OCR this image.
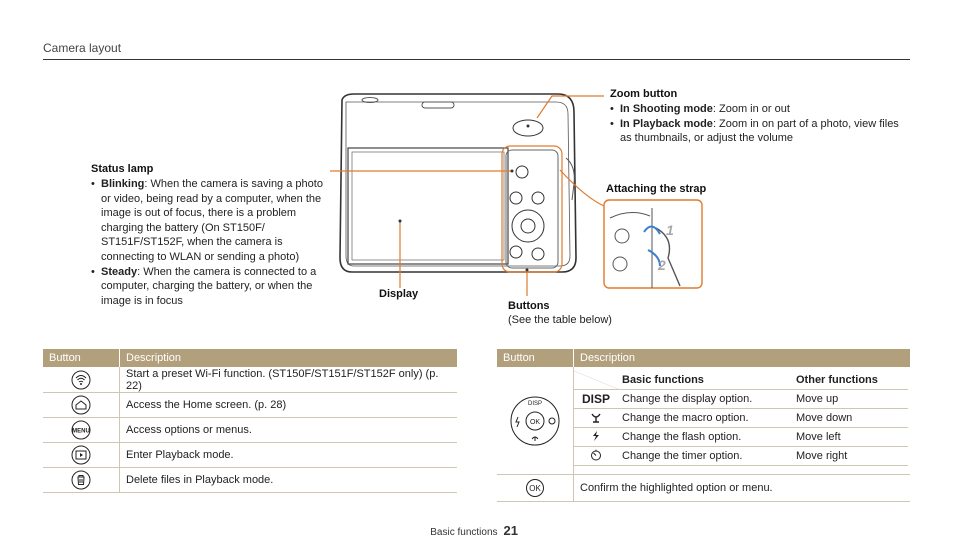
Camera layout
1
2
Zoom button
• In Shooting mode: Zoom in or out
• In Playback mode: Zoom in on part of a photo, view files as thumbnails, or adjust the volume
Status lamp
• Blinking: When the camera is saving a photo or video, being read by a computer, when the image is out of focus, there is a problem charging the battery (On ST150F/ ST151F/ST152F, when the camera is connecting to WLAN or sending a photo)
• Steady: When the camera is connected to a computer, charging the battery, or when the image is in focus
Attaching the strap
Display
Buttons
(See the table below)
Button	Description

	Start a preset Wi-Fi function. (ST150F/ST151F/ST152F only) (p. 22)

	Access the Home screen. (p. 28)

MENU	Access options or menus.

	Enter Playback mode.

	Delete files in Playback mode.
Button	Description

OK
DISP

	Basic functions	Other functions
DISP	Change the display option.	Move up
	Change the macro option.	Move down
	Change the flash option.	Move left
	Change the timer option.	Move right

OK	Confirm the highlighted option or menu.
Basic functions 21
